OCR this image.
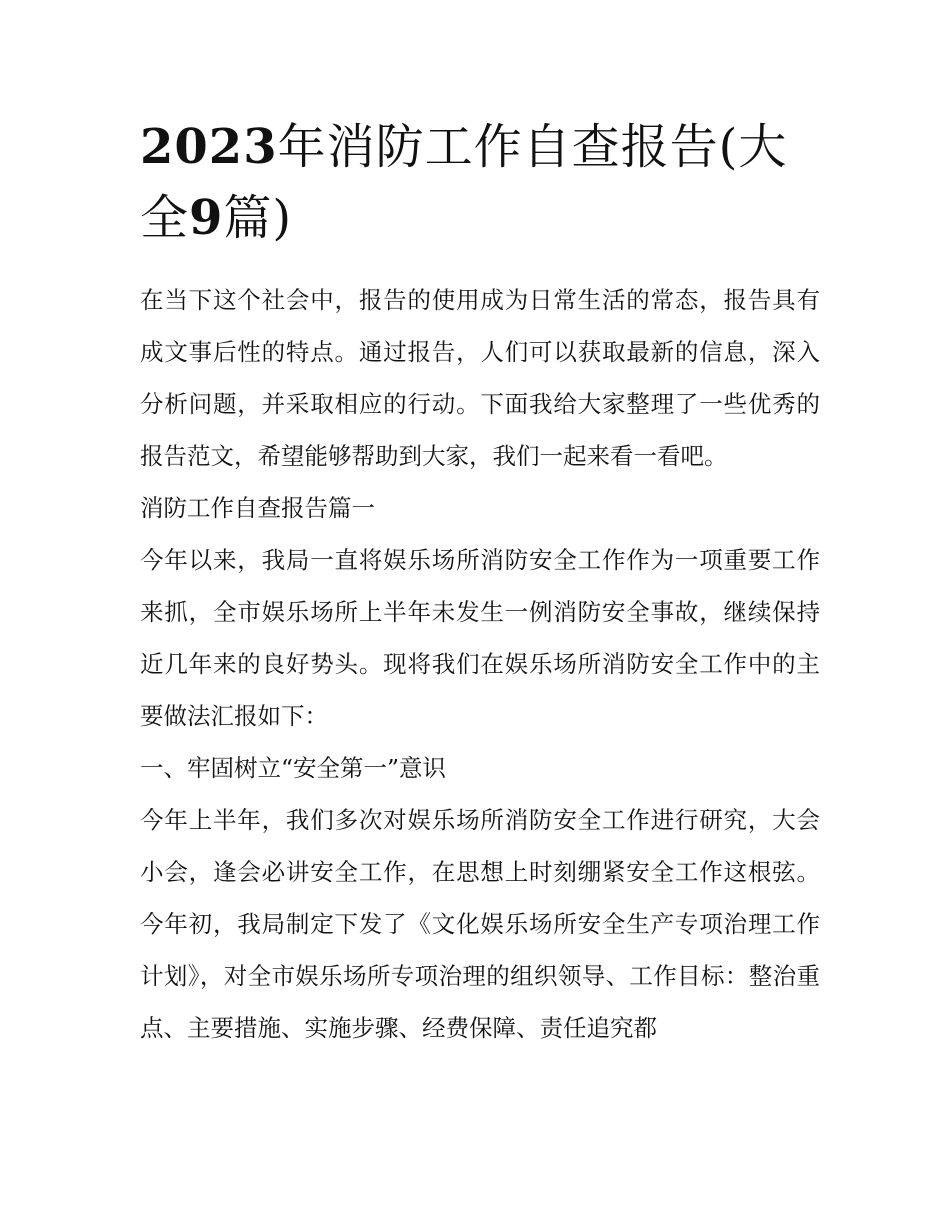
2023年消防工作自查报告(大全9篇)

在当下这个社会中，报告的使用成为日常生活的常态，报告具有成文事后性的特点。通过报告，人们可以获取最新的信息，深入分析问题，并采取相应的行动。下面我给大家整理了一些优秀的报告范文，希望能够帮助到大家，我们一起来看一看吧。

消防工作自查报告篇一

今年以来，我局一直将娱乐场所消防安全工作作为一项重要工作来抓，全市娱乐场所上半年未发生一例消防安全事故，继续保持近几年来的良好势头。现将我们在娱乐场所消防安全工作中的主要做法汇报如下：

一、牢固树立“安全第一”意识

今年上半年，我们多次对娱乐场所消防安全工作进行研究，大会小会，逢会必讲安全工作，在思想上时刻绷紧安全工作这根弦。今年初，我局制定下发了《文化娱乐场所安全生产专项治理工作计划》，对全市娱乐场所专项治理的组织领导、工作目标：整治重点、主要措施、实施步骤、经费保障、责任追究都
